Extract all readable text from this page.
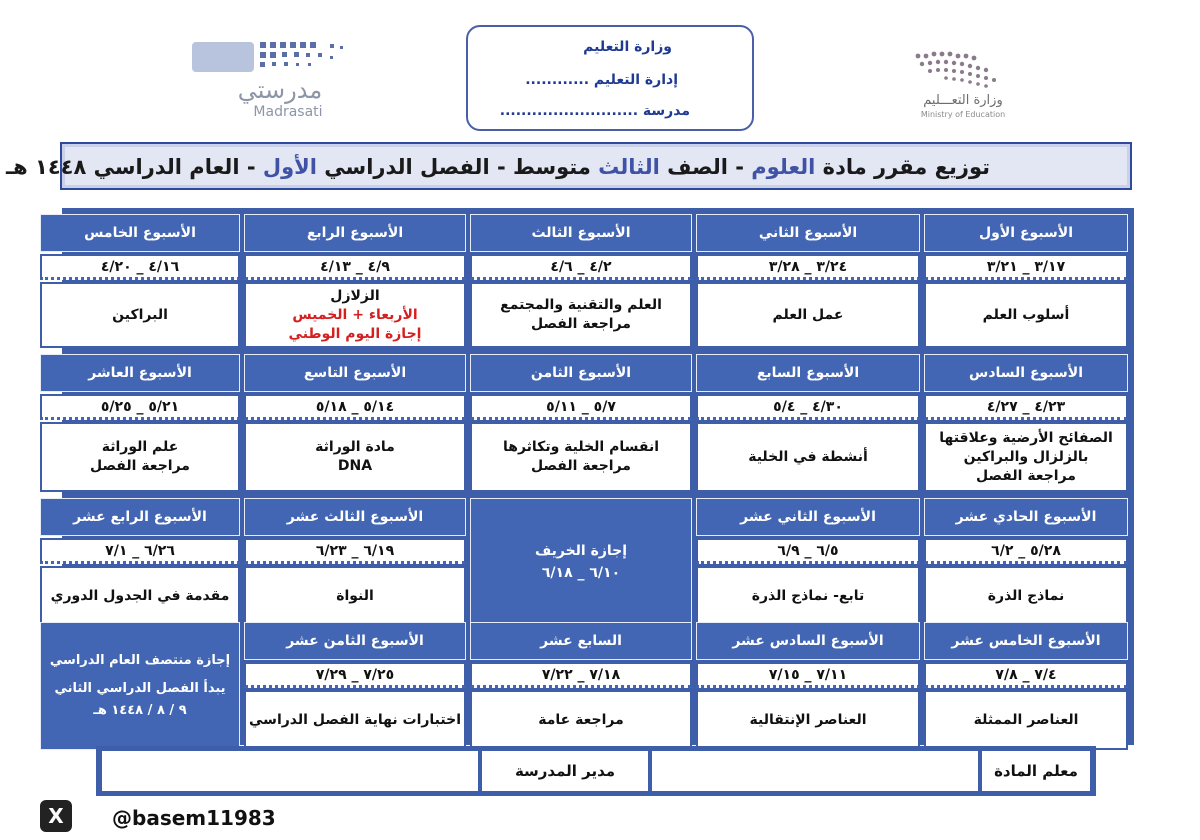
وزارة التعـــليم
Ministry of Education
مدرستي
Madrasati
وزارة التعليم
إدارة التعليم ............
مدرسة ..........................
توزيع مقرر مادة العلوم - الصف الثالث متوسط - الفصل الدراسي الأول - العام الدراسي ١٤٤٨ هـ
الأسبوع الأول
٣/١٧ _ ٣/٢١
أسلوب العلم
الأسبوع الثاني
٣/٢٤ _ ٣/٢٨
عمل العلم
الأسبوع الثالث
٤/٢ _ ٤/٦
العلم والتقنية والمجتمع
مراجعة الفصل
الأسبوع الرابع
٤/٩ _ ٤/١٣
الزلازل
الأربعاء + الخميس
إجازة اليوم الوطني
الأسبوع الخامس
٤/١٦ _ ٤/٢٠
البراكين
الأسبوع السادس
٤/٢٣ _ ٤/٢٧
الصفائح الأرضية وعلاقتها
بالزلزال والبراكين
مراجعة الفصل
الأسبوع السابع
٤/٣٠ _ ٥/٤
أنشطة في الخلية
الأسبوع الثامن
٥/٧ _ ٥/١١
انقسام الخلية وتكاثرها
مراجعة الفصل
الأسبوع التاسع
٥/١٤ _ ٥/١٨
مادة الوراثة
DNA
الأسبوع العاشر
٥/٢١ _ ٥/٢٥
علم الوراثة
مراجعة الفصل
الأسبوع الحادي عشر
٥/٢٨ _ ٦/٢
نماذج الذرة
الأسبوع الثاني عشر
٦/٥ _ ٦/٩
تابع- نماذج الذرة
الأسبوع الثالث عشر
٦/١٩ _ ٦/٢٣
النواة
الأسبوع الرابع عشر
٦/٢٦ _ ٧/١
مقدمة في الجدول الدوري
إجازة الخريف
٦/١٠ _ ٦/١٨
الأسبوع الخامس عشر
٧/٤ _ ٧/٨
العناصر الممثلة
الأسبوع السادس عشر
٧/١١ _ ٧/١٥
العناصر الإنتقالية
السابع عشر
٧/١٨ _ ٧/٢٢
مراجعة عامة
الأسبوع الثامن عشر
٧/٢٥ _ ٧/٢٩
اختبارات نهاية الفصل الدراسي
إجازة منتصف العام الدراسي
يبدأ الفصل الدراسي الثاني
٩ / ٨ / ١٤٤٨ هـ
معلم المادة
مدير المدرسة
X	@basem11983
